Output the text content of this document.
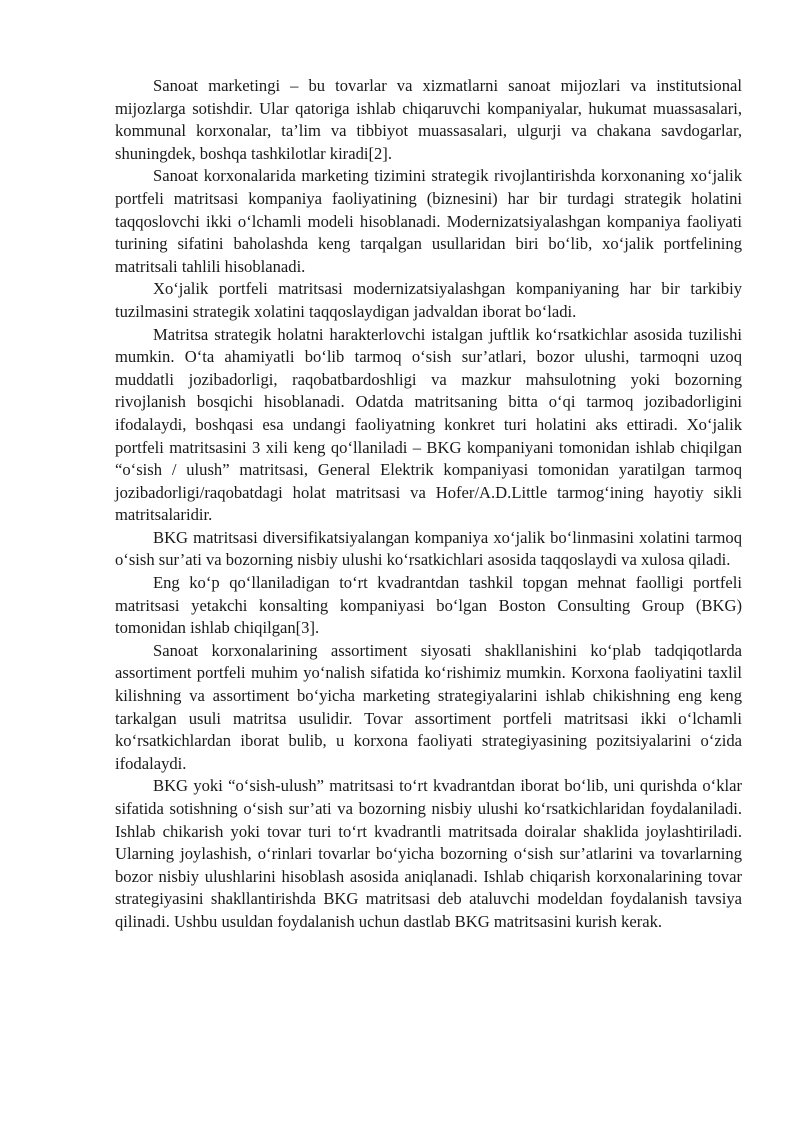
Sanoat marketingi – bu tovarlar va xizmatlarni sanoat mijozlari va institutsional mijozlarga sotishdir. Ular qatoriga ishlab chiqaruvchi kompaniyalar, hukumat muassasalari, kommunal korxonalar, ta’lim va tibbiyot muassasalari, ulgurji va chakana savdogarlar, shuningdek, boshqa tashkilotlar kiradi[2].

Sanoat korxonalarida marketing tizimini strategik rivojlantirishda korxonaning xo‘jalik portfeli matritsasi kompaniya faoliyatining (biznesini) har bir turdagi strategik holatini taqqoslovchi ikki o‘lchamli modeli hisoblanadi. Modernizatsiyalashgan kompaniya faoliyati turining sifatini baholashda keng tarqalgan usullaridan biri bo‘lib, xo‘jalik portfelining matritsali tahlili hisoblanadi.

Xo‘jalik portfeli matritsasi modernizatsiyalashgan kompaniyaning har bir tarkibiy tuzilmasini strategik xolatini taqqoslaydigan jadvaldan iborat bo‘ladi.

Matritsa strategik holatni harakterlovchi istalgan juftlik ko‘rsatkichlar asosida tuzilishi mumkin. O‘ta ahamiyatli bo‘lib tarmoq o‘sish sur’atlari, bozor ulushi, tarmoqni uzoq muddatli jozibadorligi, raqobatbardoshligi va mazkur mahsulotning yoki bozorning rivojlanish bosqichi hisoblanadi. Odatda matritsaning bitta o‘qi tarmoq jozibadorligini ifodalaydi, boshqasi esa undangi faoliyatning konkret turi holatini aks ettiradi. Xo‘jalik portfeli matritsasini 3 xili keng qo‘llaniladi – BKG kompaniyani tomonidan ishlab chiqilgan “o‘sish / ulush” matritsasi, General Elektrik kompaniyasi tomonidan yaratilgan tarmoq jozibadorligi/raqobatdagi holat matritsasi va Hofer/A.D.Little tarmog‘ining hayotiy sikli matritsalaridir.

BKG matritsasi diversifikatsiyalangan kompaniya xo‘jalik bo‘linmasini xolatini tarmoq o‘sish sur’ati va bozorning nisbiy ulushi ko‘rsatkichlari asosida taqqoslaydi va xulosa qiladi.

Eng ko‘p qo‘llaniladigan to‘rt kvadrantdan tashkil topgan mehnat faolligi portfeli matritsasi yetakchi konsalting kompaniyasi bo‘lgan Boston Consulting Group (BKG) tomonidan ishlab chiqilgan[3].

Sanoat korxonalarining assortiment siyosati shakllanishini ko‘plab tadqiqotlarda assortiment portfeli muhim yo‘nalish sifatida ko‘rishimiz mumkin. Korxona faoliyatini taxlil kilishning va assortiment bo‘yicha marketing strategiyalarini ishlab chikishning eng keng tarkalgan usuli matritsa usulidir. Tovar assortiment portfeli matritsasi ikki o‘lchamli ko‘rsatkichlardan iborat bulib, u korxona faoliyati strategiyasining pozitsiyalarini o‘zida ifodalaydi.

BKG yoki “o‘sish-ulush” matritsasi to‘rt kvadrantdan iborat bo‘lib, uni qurishda o‘klar sifatida sotishning o‘sish sur’ati va bozorning nisbiy ulushi ko‘rsatkichlaridan foydalaniladi. Ishlab chikarish yoki tovar turi to‘rt kvadrantli matritsada doiralar shaklida joylashtiriladi. Ularning joylashish, o‘rinlari tovarlar bo‘yicha bozorning o‘sish sur’atlarini va tovarlarning bozor nisbiy ulushlarini hisoblash asosida aniqlanadi. Ishlab chiqarish korxonalarining tovar strategiyasini shakllantirishda BKG matritsasi deb ataluvchi modeldan foydalanish tavsiya qilinadi. Ushbu usuldan foydalanish uchun dastlab BKG matritsasini kurish kerak.
